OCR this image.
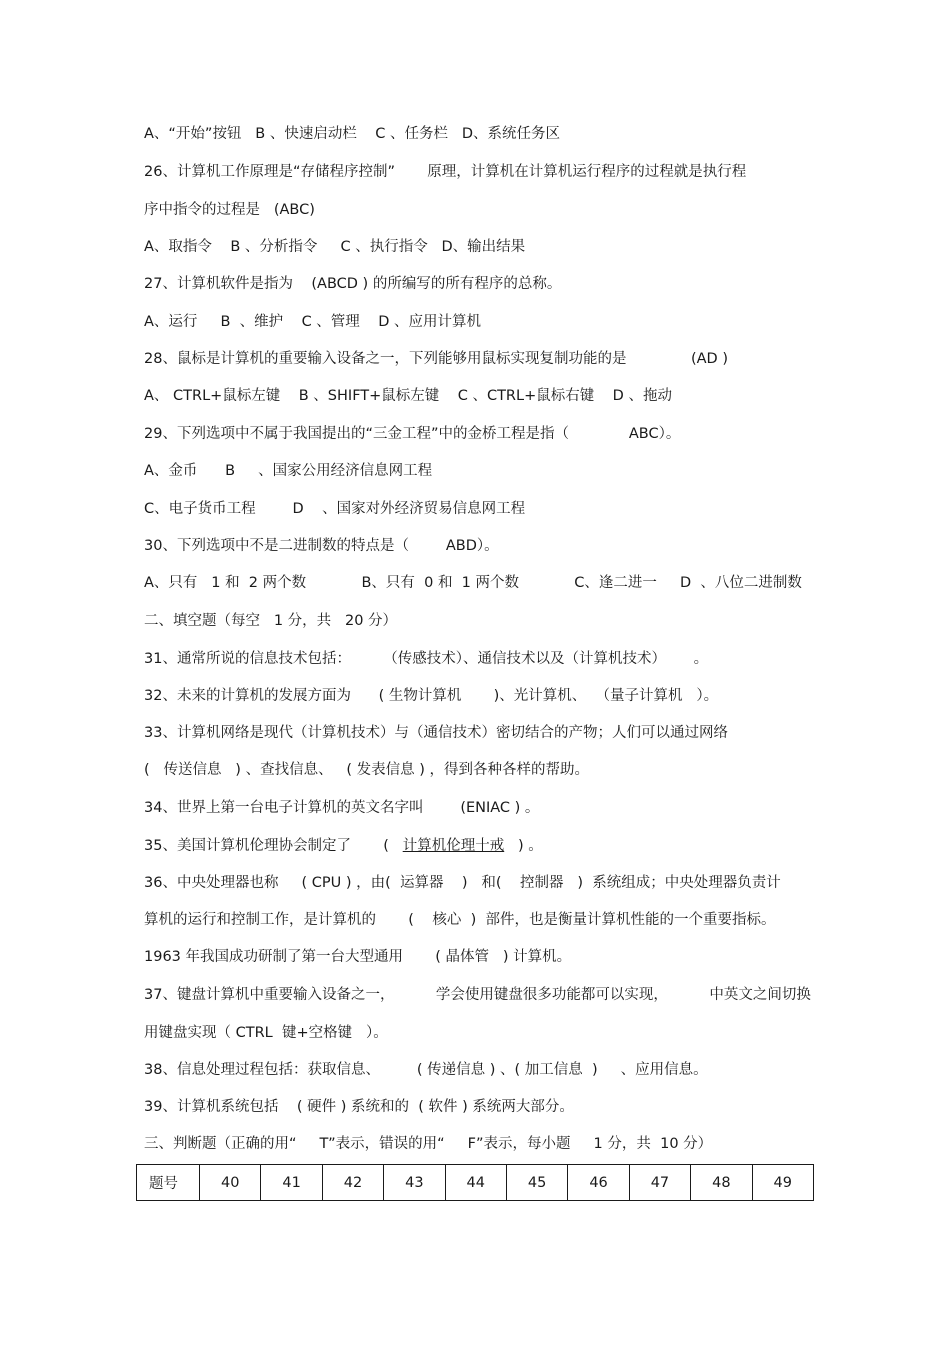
A、“开始”按钮   B 、快速启动栏    C 、任务栏   D、系统任务区
26、计算机工作原理是“存储程序控制”       原理，计算机在计算机运行程序的过程就是执行程
序中指令的过程是   (ABC)
A、取指令    B 、分析指令     C 、执行指令   D、输出结果
27、计算机软件是指为    (ABCD ) 的所编写的所有程序的总称。
A、运行     B  、维护    C 、管理    D 、应用计算机
28、鼠标是计算机的重要输入设备之一，下列能够用鼠标实现复制功能的是              (AD )
A、 CTRL+鼠标左键    B 、SHIFT+鼠标左键    C 、CTRL+鼠标右键    D 、拖动
29、下列选项中不属于我国提出的“三金工程”中的金桥工程是指（             ABC）。
A、金币      B     、国家公用经济信息网工程
C、电子货币工程        D    、国家对外经济贸易信息网工程
30、下列选项中不是二进制数的特点是（        ABD）。
A、只有   1 和  2 两个数            B、只有  0 和  1 两个数            C、逢二进一     D  、八位二进制数
二、填空题（每空   1 分，共   20 分）
31、通常所说的信息技术包括：       （传感技术）、通信技术以及（计算机技术）      。
32、未来的计算机的发展方面为      ( 生物计算机       )、光计算机、  （量子计算机   ）。
33、计算机网络是现代（计算机技术）与（通信技术）密切结合的产物；人们可以通过网络
(   传送信息   ) 、查找信息、   ( 发表信息 ) ，得到各种各样的帮助。
34、世界上第一台电子计算机的英文名字叫        (ENIAC ) 。
35、美国计算机伦理协会制定了       (   计算机伦理十戒   ) 。
36、中央处理器也称     ( CPU ) ，由(  运算器    )   和(    控制器   )  系统组成；中央处理器负责计
算机的运行和控制工作，是计算机的       (    核心  )  部件，也是衡量计算机性能的一个重要指标。
1963 年我国成功研制了第一台大型通用       ( 晶体管   ) 计算机。
37、键盘计算机中重要输入设备之一，         学会使用键盘很多功能都可以实现，         中英文之间切换
用键盘实现（ CTRL  键+空格键   ）。
38、信息处理过程包括：获取信息、        ( 传递信息 ) 、( 加工信息  )     、应用信息。
39、计算机系统包括    ( 硬件 ) 系统和的  ( 软件 ) 系统两大部分。
三、判断题（正确的用“     T”表示，错误的用“     F”表示，每小题     1 分，共  10 分）
题号	40	41	42	43	44	45	46	47	48	49
